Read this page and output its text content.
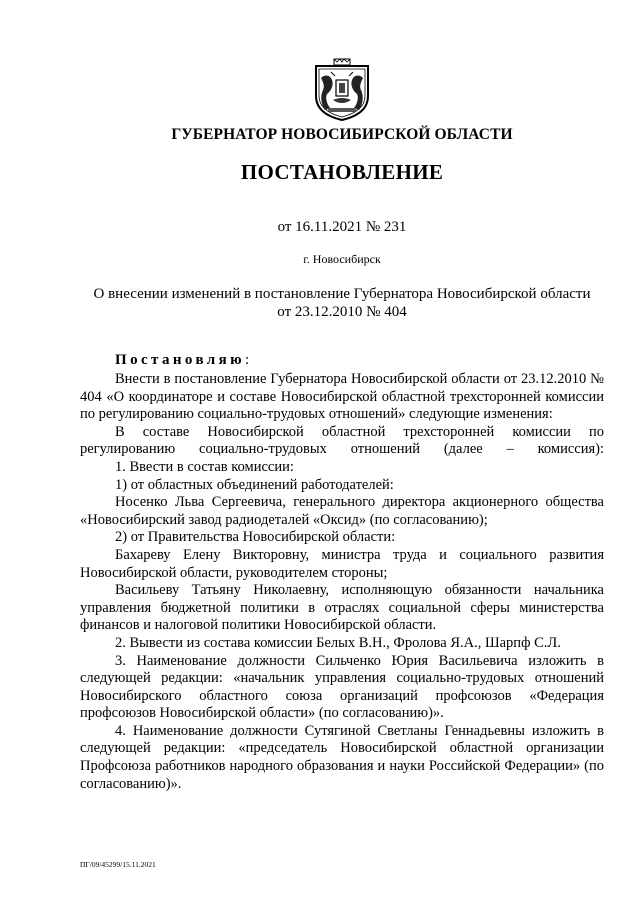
ГУБЕРНАТОР НОВОСИБИРСКОЙ ОБЛАСТИ
ПОСТАНОВЛЕНИЕ
от 16.11.2021 № 231
г. Новосибирск
О внесении изменений в постановление Губернатора Новосибирской области
от 23.12.2010 № 404
Постановляю:

Внести в постановление Губернатора Новосибирской области от 23.12.2010 № 404 «О координаторе и составе Новосибирской областной трехсторонней комиссии по регулированию социально-трудовых отношений» следующие изменения:

В составе Новосибирской областной трехсторонней комиссии по регулированию социально-трудовых отношений (далее – комиссия):

1. Ввести в состав комиссии:

1) от областных объединений работодателей:

Носенко Льва Сергеевича, генерального директора акционерного общества «Новосибирский завод радиодеталей «Оксид» (по согласованию);

2) от Правительства Новосибирской области:

Бахареву Елену Викторовну, министра труда и социального развития Новосибирской области, руководителем стороны;

Васильеву Татьяну Николаевну, исполняющую обязанности начальника управления бюджетной политики в отраслях социальной сферы министерства финансов и налоговой политики Новосибирской области.

2. Вывести из состава комиссии Белых В.Н., Фролова Я.А., Шарпф С.Л.

3. Наименование должности Сильченко Юрия Васильевича изложить в следующей редакции: «начальник управления социально-трудовых отношений Новосибирского областного союза организаций профсоюзов «Федерация профсоюзов Новосибирской области» (по согласованию)».

4. Наименование должности Сутягиной Светланы Геннадьевны изложить в следующей редакции: «председатель Новосибирской областной организации Профсоюза работников народного образования и науки Российской Федерации» (по согласованию)».

ПГ/09/45299/15.11.2021
